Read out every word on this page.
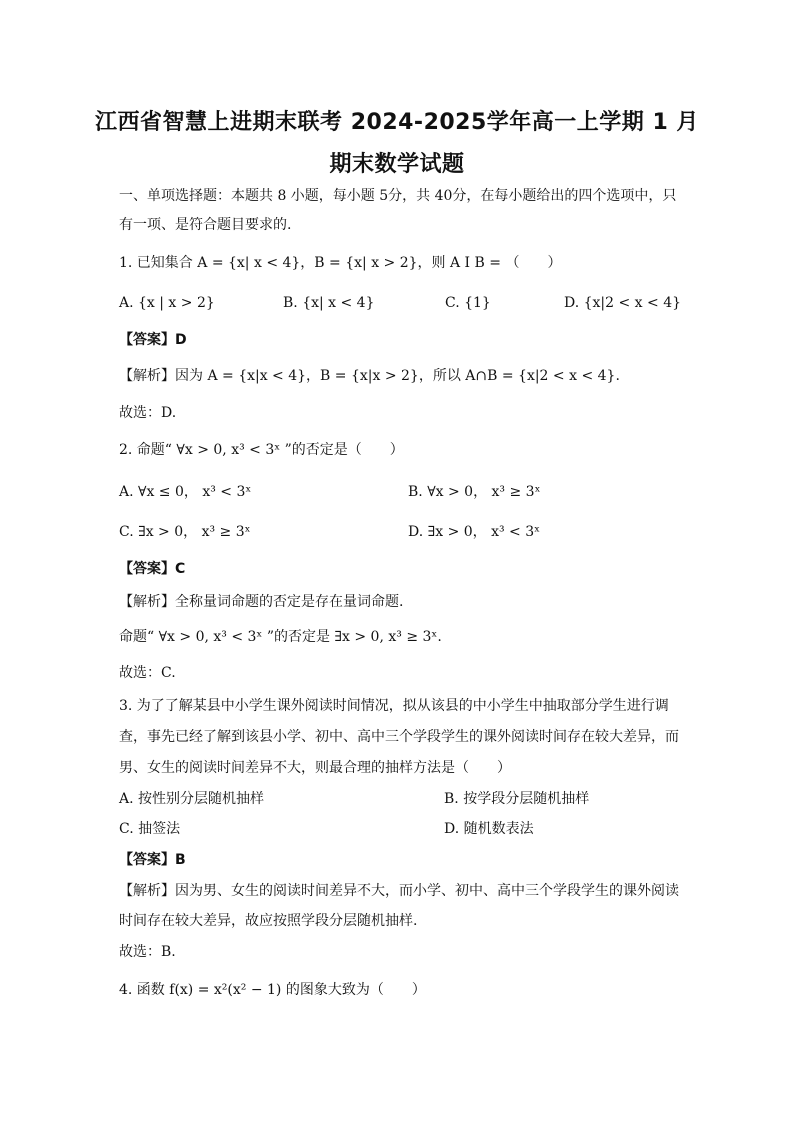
江西省智慧上进期末联考 2024-2025学年高一上学期 1 月
期末数学试题
一、单项选择题：本题共 8 小题，每小题 5分，共 40分，在每小题给出的四个选项中，只
有一项、是符合题目要求的.
1. 已知集合 A = {x| x < 4}，B = {x| x > 2}，则 A I B = （　　）
A. {x | x > 2}	B. {x| x < 4}	C. {1}	D. {x|2 < x < 4}
【答案】D
【解析】因为 A = {x|x < 4}，B = {x|x > 2}，所以 A∩B = {x|2 < x < 4}.
故选：D.
2. 命题“ ∀x > 0, x³ < 3ˣ ”的否定是（　　）
A. ∀x ≤ 0， x³ < 3ˣ	B. ∀x > 0， x³ ≥ 3ˣ
C. ∃x > 0， x³ ≥ 3ˣ	D. ∃x > 0， x³ < 3ˣ
【答案】C
【解析】全称量词命题的否定是存在量词命题.
命题“ ∀x > 0, x³ < 3ˣ ”的否定是 ∃x > 0, x³ ≥ 3ˣ.
故选：C.
3. 为了了解某县中小学生课外阅读时间情况，拟从该县的中小学生中抽取部分学生进行调
查，事先已经了解到该县小学、初中、高中三个学段学生的课外阅读时间存在较大差异，而
男、女生的阅读时间差异不大，则最合理的抽样方法是（　　）
A. 按性别分层随机抽样	B. 按学段分层随机抽样
C. 抽签法	D. 随机数表法
【答案】B
【解析】因为男、女生的阅读时间差异不大，而小学、初中、高中三个学段学生的课外阅读
时间存在较大差异，故应按照学段分层随机抽样.
故选：B.
4. 函数 f(x) = x²(x² − 1) 的图象大致为（　　）
